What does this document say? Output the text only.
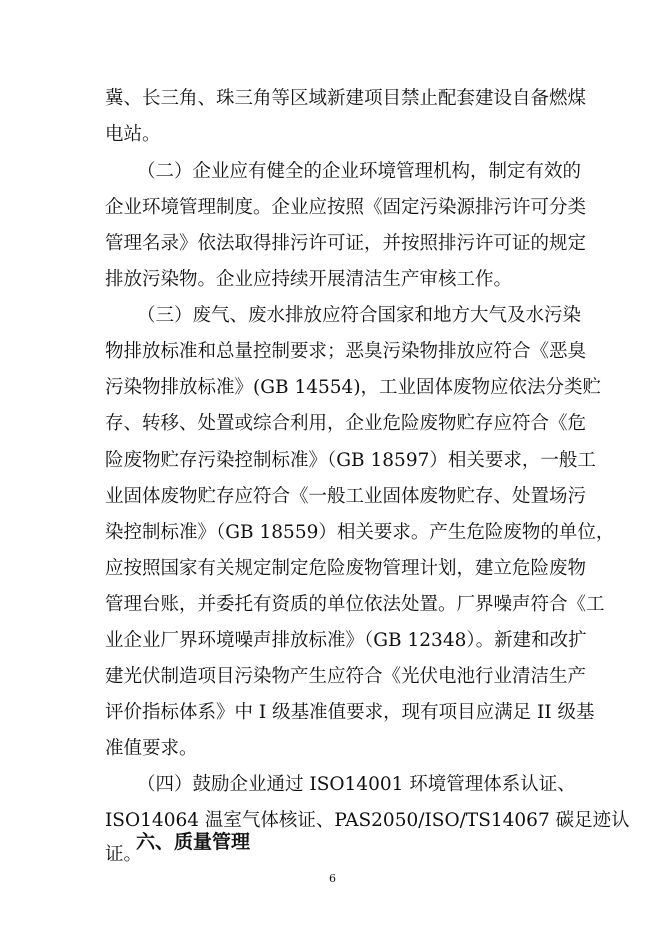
冀、长三角、珠三角等区域新建项目禁止配套建设自备燃煤
电站。
（二）企业应有健全的企业环境管理机构，制定有效的
企业环境管理制度。企业应按照《固定污染源排污许可分类
管理名录》依法取得排污许可证，并按照排污许可证的规定
排放污染物。企业应持续开展清洁生产审核工作。
（三）废气、废水排放应符合国家和地方大气及水污染
物排放标准和总量控制要求；恶臭污染物排放应符合《恶臭
污染物排放标准》(GB 14554)，工业固体废物应依法分类贮
存、转移、处置或综合利用，企业危险废物贮存应符合《危
险废物贮存污染控制标准》（GB 18597）相关要求，一般工
业固体废物贮存应符合《一般工业固体废物贮存、处置场污
染控制标准》（GB 18559）相关要求。产生危险废物的单位，
应按照国家有关规定制定危险废物管理计划，建立危险废物
管理台账，并委托有资质的单位依法处置。厂界噪声符合《工
业企业厂界环境噪声排放标准》（GB 12348）。新建和改扩
建光伏制造项目污染物产生应符合《光伏电池行业清洁生产
评价指标体系》中 I 级基准值要求，现有项目应满足 II 级基
准值要求。
（四）鼓励企业通过 ISO14001 环境管理体系认证、
ISO14064 温室气体核证、PAS2050/ISO/TS14067 碳足迹认
证。
六、质量管理
6
